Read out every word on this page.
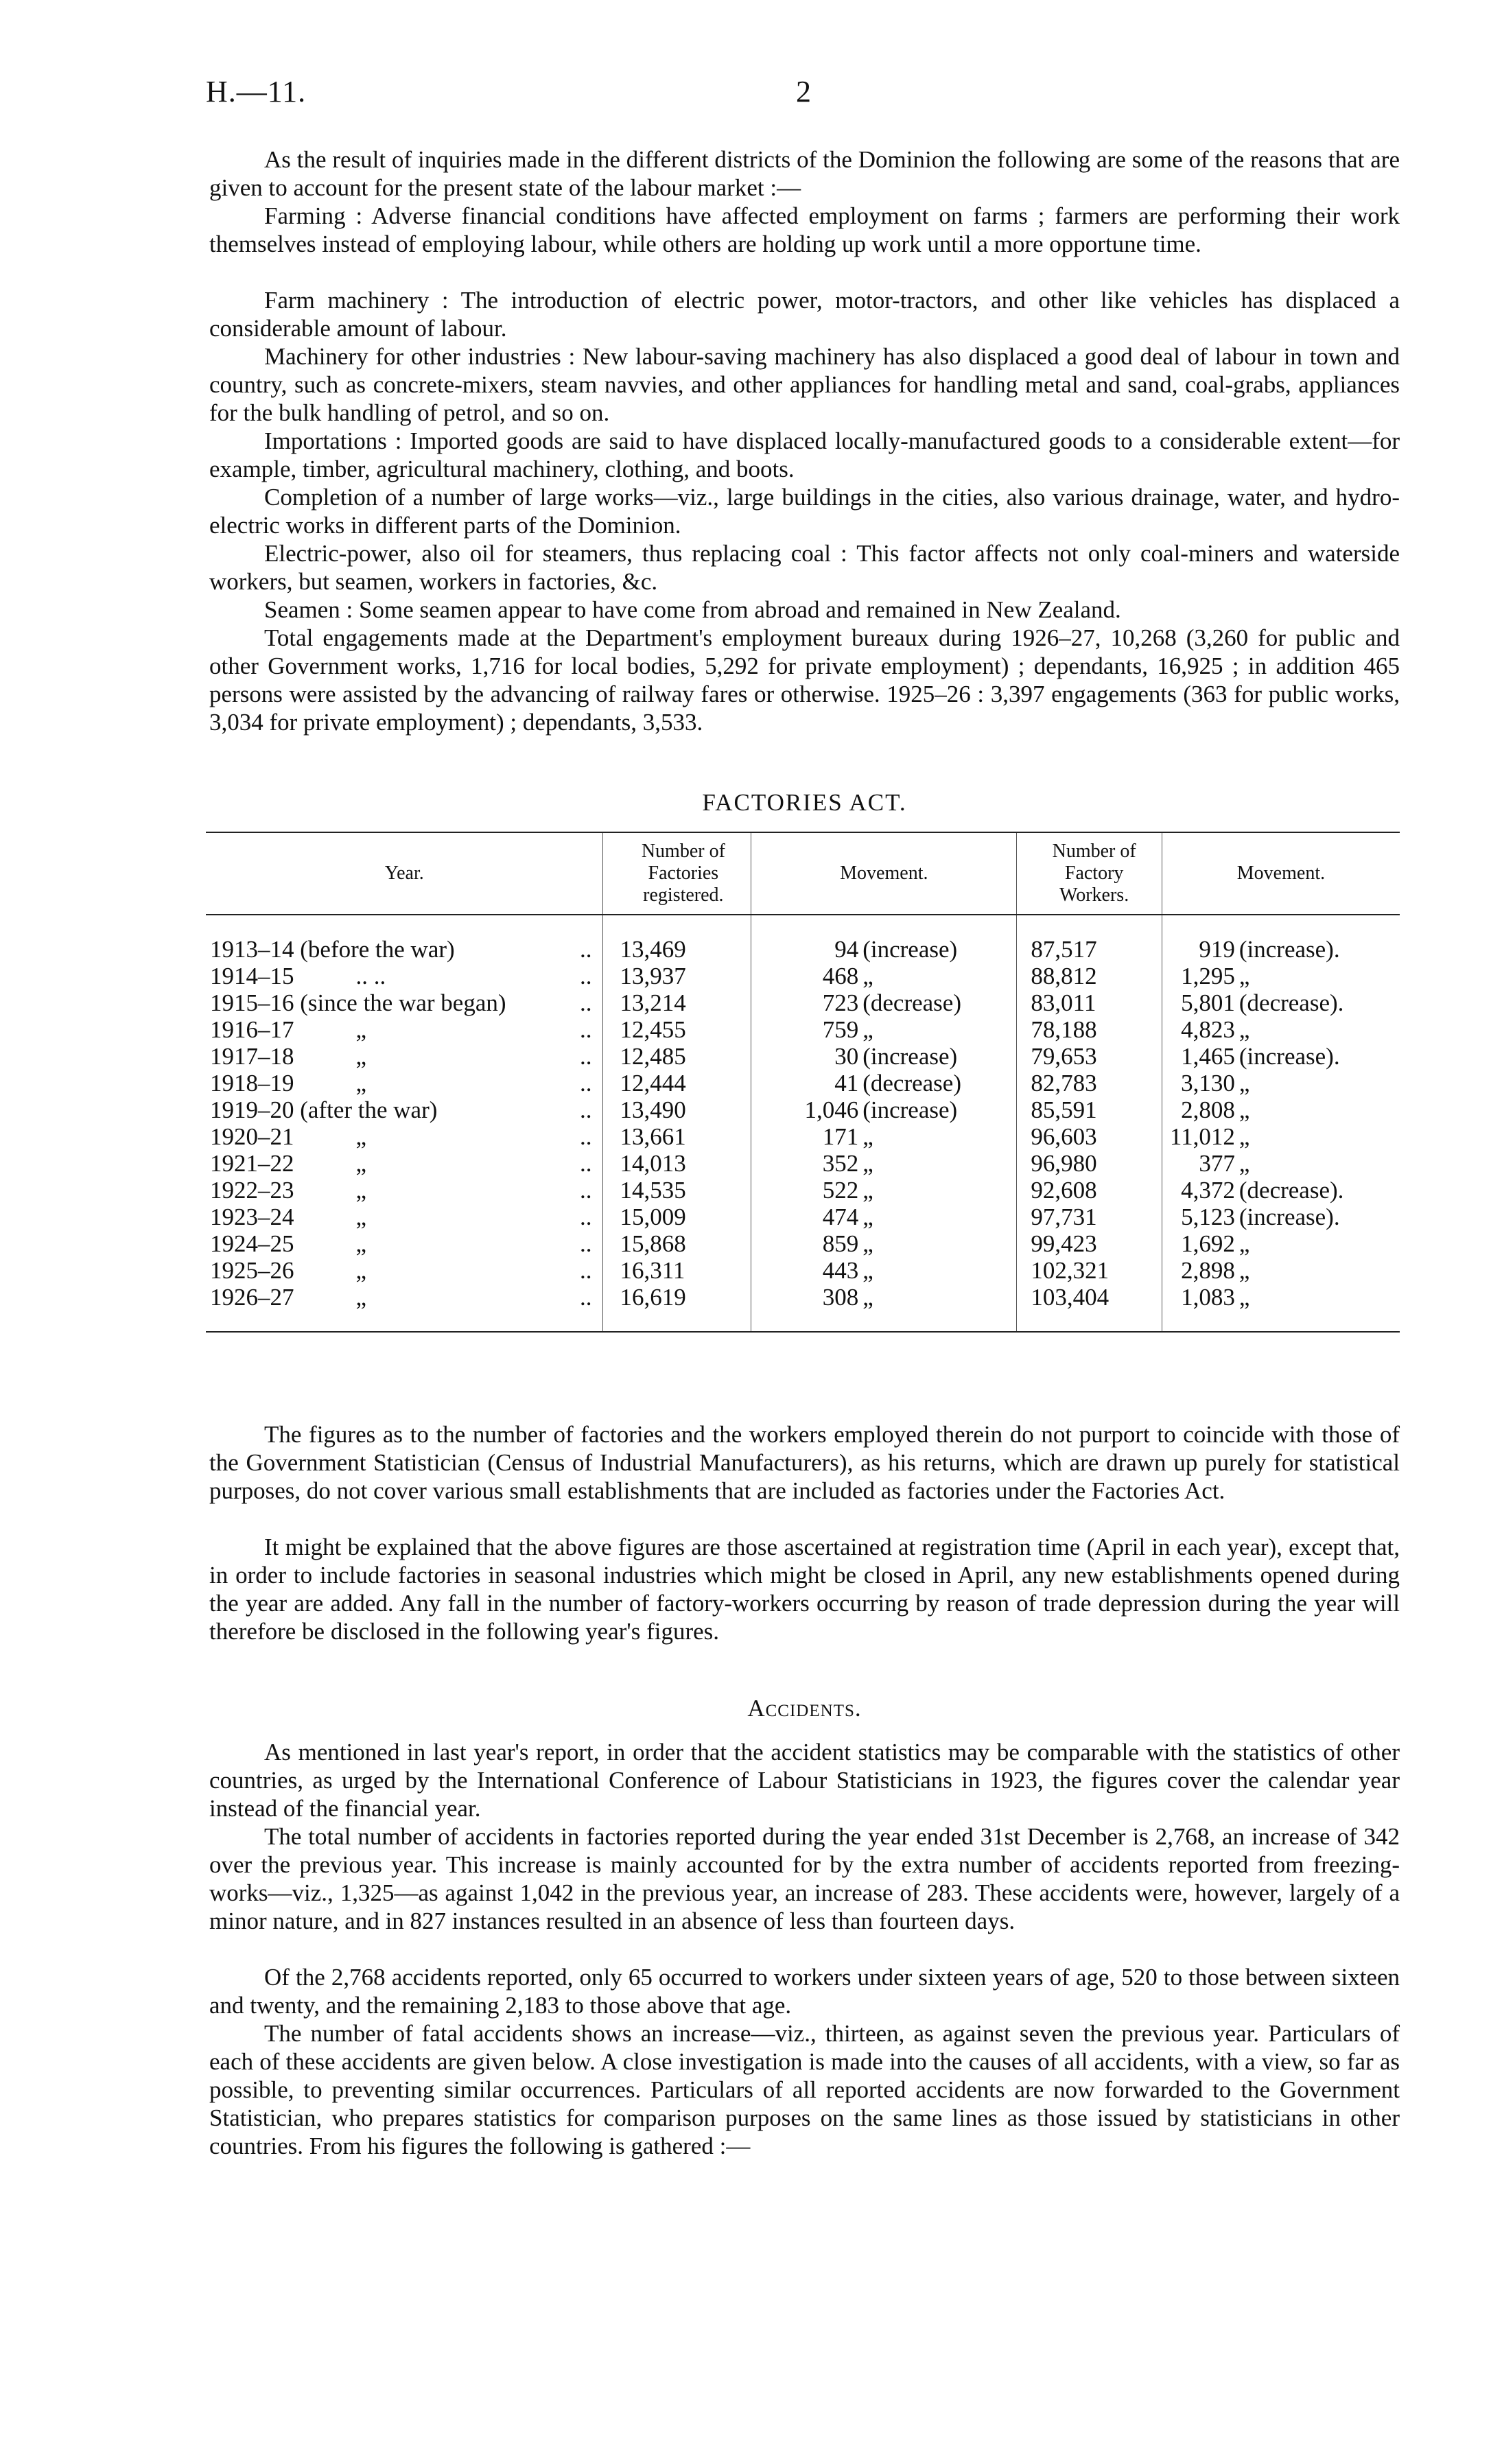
H.—11.	2

As the result of inquiries made in the different districts of the Dominion the following are some of the reasons that are given to account for the present state of the labour market :—

Farming : Adverse financial conditions have affected employment on farms ; farmers are performing their work themselves instead of employing labour, while others are holding up work until a more opportune time.

Farm machinery : The introduction of electric power, motor-tractors, and other like vehicles has displaced a considerable amount of labour.

Machinery for other industries : New labour-saving machinery has also displaced a good deal of labour in town and country, such as concrete-mixers, steam navvies, and other appliances for handling metal and sand, coal-grabs, appliances for the bulk handling of petrol, and so on.

Importations : Imported goods are said to have displaced locally-manufactured goods to a considerable extent—for example, timber, agricultural machinery, clothing, and boots.

Completion of a number of large works—viz., large buildings in the cities, also various drainage, water, and hydro-electric works in different parts of the Dominion.

Electric-power, also oil for steamers, thus replacing coal : This factor affects not only coal-miners and waterside workers, but seamen, workers in factories, &c.

Seamen : Some seamen appear to have come from abroad and remained in New Zealand.

Total engagements made at the Department's employment bureaux during 1926–27, 10,268 (3,260 for public and other Government works, 1,716 for local bodies, 5,292 for private employment) ; dependants, 16,925 ; in addition 465 persons were assisted by the advancing of railway fares or otherwise. 1925–26 : 3,397 engagements (363 for public works, 3,034 for private employment) ; dependants, 3,533.

FACTORIES ACT.
Year.	Number of Factories registered.	Movement.	Number of Factory Workers.	Movement.
1913–14 (before the war) ..	13,469	94 (increase)	87,517	919 (increase).
1914–15 .. .. ..	13,937	468 „	88,812	1,295 „
1915–16 (since the war began) ..	13,214	723 (decrease)	83,011	5,801 (decrease).
1916–17 „ ..	12,455	759 „	78,188	4,823 „
1917–18 „ ..	12,485	30 (increase)	79,653	1,465 (increase).
1918–19 „ ..	12,444	41 (decrease)	82,783	3,130 „
1919–20 (after the war) ..	13,490	1,046 (increase)	85,591	2,808 „
1920–21 „ ..	13,661	171 „	96,603	11,012 „
1921–22 „ ..	14,013	352 „	96,980	377 „
1922–23 „ ..	14,535	522 „	92,608	4,372 (decrease).
1923–24 „ ..	15,009	474 „	97,731	5,123 (increase).
1924–25 „ ..	15,868	859 „	99,423	1,692 „
1925–26 „ ..	16,311	443 „	102,321	2,898 „
1926–27 „ ..	16,619	308 „	103,404	1,083 „

The figures as to the number of factories and the workers employed therein do not purport to coincide with those of the Government Statistician (Census of Industrial Manufacturers), as his returns, which are drawn up purely for statistical purposes, do not cover various small establishments that are included as factories under the Factories Act.

It might be explained that the above figures are those ascertained at registration time (April in each year), except that, in order to include factories in seasonal industries which might be closed in April, any new establishments opened during the year are added. Any fall in the number of factory-workers occurring by reason of trade depression during the year will therefore be disclosed in the following year's figures.

Accidents.

As mentioned in last year's report, in order that the accident statistics may be comparable with the statistics of other countries, as urged by the International Conference of Labour Statisticians in 1923, the figures cover the calendar year instead of the financial year.

The total number of accidents in factories reported during the year ended 31st December is 2,768, an increase of 342 over the previous year. This increase is mainly accounted for by the extra number of accidents reported from freezing-works—viz., 1,325—as against 1,042 in the previous year, an increase of 283. These accidents were, however, largely of a minor nature, and in 827 instances resulted in an absence of less than fourteen days.

Of the 2,768 accidents reported, only 65 occurred to workers under sixteen years of age, 520 to those between sixteen and twenty, and the remaining 2,183 to those above that age.

The number of fatal accidents shows an increase—viz., thirteen, as against seven the previous year. Particulars of each of these accidents are given below. A close investigation is made into the causes of all accidents, with a view, so far as possible, to preventing similar occurrences. Particulars of all reported accidents are now forwarded to the Government Statistician, who prepares statistics for comparison purposes on the same lines as those issued by statisticians in other countries. From his figures the following is gathered :—
